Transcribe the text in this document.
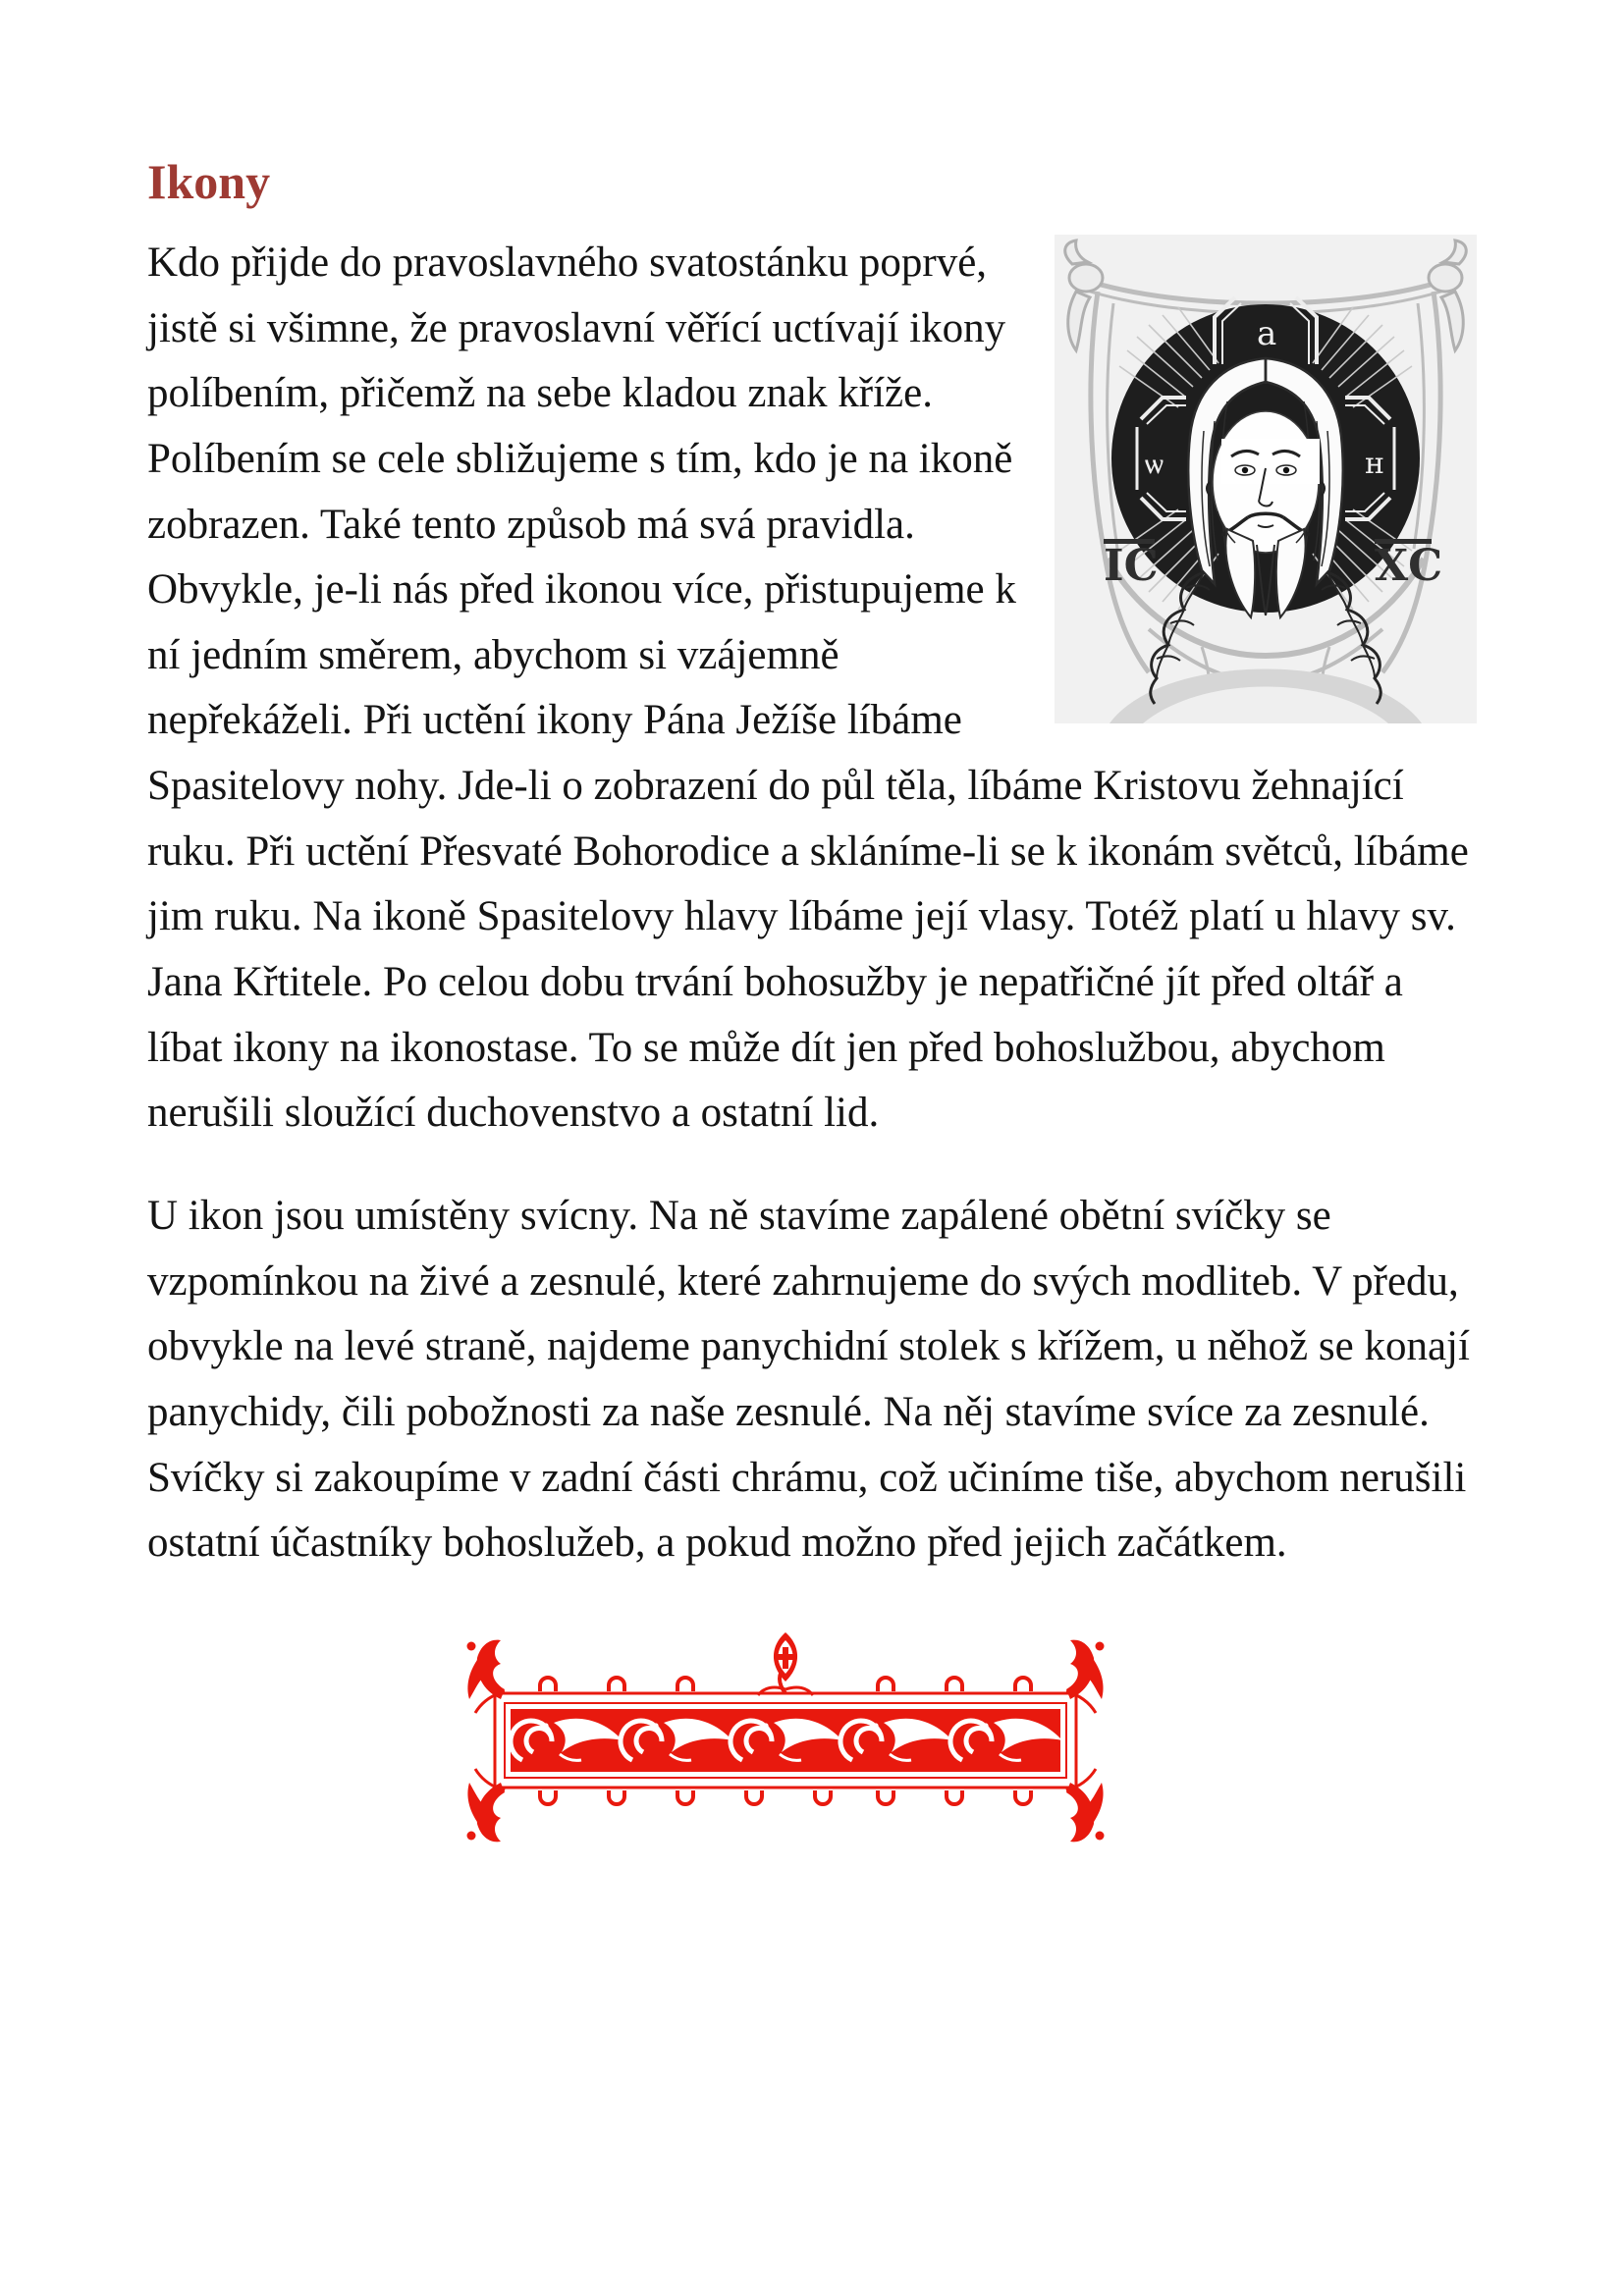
Ikony
а
ѡ	н
ІС	ХС

Kdo přijde do pravoslavného svatostánku poprvé, jistě si všimne, že pravoslavní věřící uctívají ikony políbením, přičemž na sebe kladou znak kříže. Políbením se cele sbližujeme s tím, kdo je na ikoně zobrazen. Také tento způsob má svá pravidla. Obvykle, je-li nás před ikonou více, přistupujeme k ní jedním směrem, abychom si vzájemně nepřekáželi. Při uctění ikony Pána Ježíše líbáme Spasitelovy nohy. Jde-li o zobrazení do půl těla, líbáme Kristovu žehnající ruku. Při uctění Přesvaté Bohorodice a skláníme-li se k ikonám světců, líbáme jim ruku. Na ikoně Spasitelovy hlavy líbáme její vlasy. Totéž platí u hlavy sv. Jana Křtitele. Po celou dobu trvání bohosužby je nepatřičné jít před oltář a líbat ikony na ikonostase. To se může dít jen před bohoslužbou, abychom nerušili sloužící duchovenstvo a ostatní lid.

U ikon jsou umístěny svícny. Na ně stavíme zapálené obětní svíčky se vzpomínkou na živé a zesnulé, které zahrnujeme do svých modliteb. V předu, obvykle na levé straně, najdeme panychidní stolek s křížem, u něhož se konají panychidy, čili pobožnosti za naše zesnulé. Na něj stavíme svíce za zesnulé. Svíčky si zakoupíme v zadní části chrámu, což učiníme tiše, abychom nerušili ostatní účastníky bohoslužeb, a pokud možno před jejich začátkem.
